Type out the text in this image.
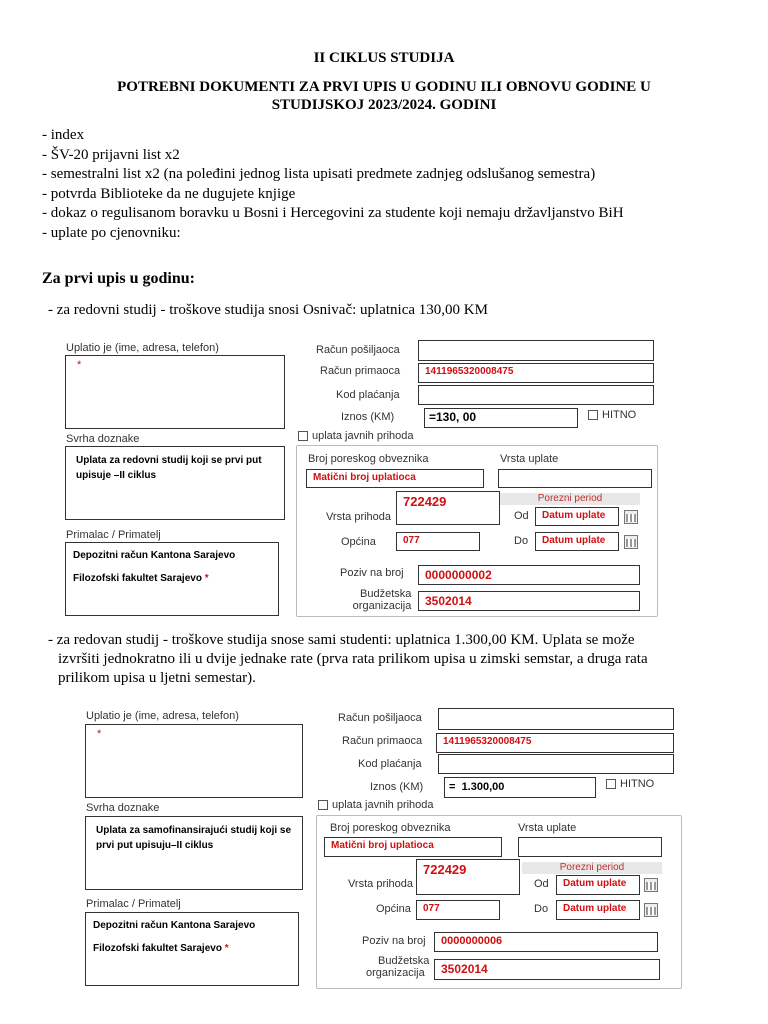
II CIKLUS STUDIJA
POTREBNI DOKUMENTI ZA PRVI UPIS U GODINU ILI OBNOVU GODINE U
STUDIJSKOJ 2023/2024. GODINI
- index
- ŠV-20 prijavni list x2
- semestralni list x2 (na poleđini jednog lista upisati predmete zadnjeg odslušanog semestra)
- potvrda Biblioteke da ne dugujete knjige
- dokaz o regulisanom boravku u Bosni i Hercegovini za studente koji nemaju državljanstvo BiH
- uplate po cjenovniku:
Za prvi upis u godinu:
- za redovni studij - troškove studija snosi Osnivač: uplatnica 130,00 KM
Uplatio je (ime, adresa, telefon)
*
Svrha doznake
Uplata za redovni studij koji se prvi put upisuje –II ciklus
Primalac / Primatelj
Depozitni račun Kantona Sarajevo
Filozofski fakultet Sarajevo *
Račun pošiljaoca
Račun primaoca	1411965320008475
Kod plaćanja
Iznos (KM)	=130, 00	HITNO
uplata javnih prihoda
Broj poreskog obveznika
Matični broj uplatioca
Vrsta uplate
Vrsta prihoda
722429	Porezni period
Od	Datum uplate
Općina	077	Do	Datum uplate
Poziv na broj	0000000002
Budžetska
organizacija	3502014
- za redovan studij - troškove studija snose sami studenti: uplatnica 1.300,00 KM. Uplata se može
izvršiti jednokratno ili u dvije jednake rate (prva rata prilikom upisa u zimski semstar, a druga rata
prilikom upisa u ljetni semestar).
Uplatio je (ime, adresa, telefon)
*
Svrha doznake
Uplata za samofinansirajući studij koji se prvi put upisuju–II ciklus
Primalac / Primatelj
Depozitni račun Kantona Sarajevo
Filozofski fakultet Sarajevo *
Račun pošiljaoca
Račun primaoca	1411965320008475
Kod plaćanja
Iznos (KM)	= 1.300,00	HITNO
uplata javnih prihoda
Broj poreskog obveznika
Matični broj uplatioca
Vrsta uplate
Vrsta prihoda
722429	Porezni period
Od	Datum uplate
Općina	077	Do	Datum uplate
Poziv na broj	0000000006
Budžetska
organizacija	3502014
